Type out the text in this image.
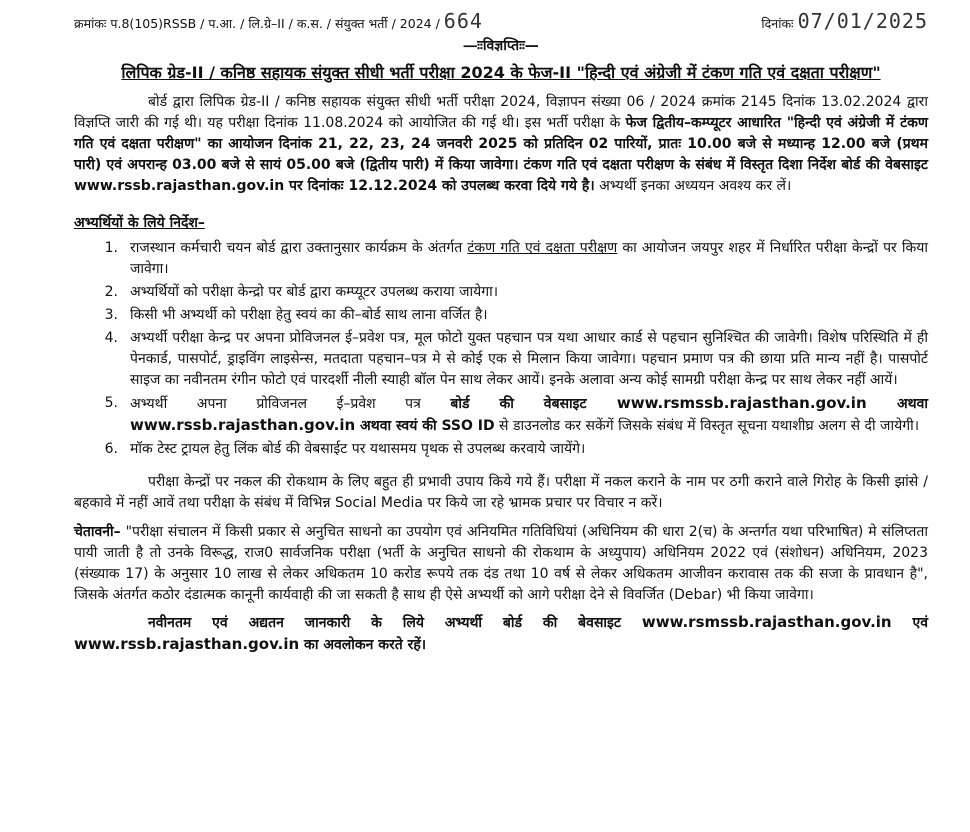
क्रमांकः प.8(105)RSSB / प.आ. / लि.ग्रे–II / क.स. / संयुक्त भर्ती / 2024 / 664	दिनांकः 07/01/2025
—ःःविज्ञप्तिःः—
लिपिक ग्रेड-II / कनिष्ठ सहायक संयुक्त सीधी भर्ती परीक्षा 2024 के फेज-II "हिन्दी एवं अंग्रेजी में टंकण गति एवं दक्षता परीक्षण"

बोर्ड द्वारा लिपिक ग्रेड-II / कनिष्ठ सहायक संयुक्त सीधी भर्ती परीक्षा 2024, विज्ञापन संख्या 06 / 2024 क्रमांक 2145 दिनांक 13.02.2024 द्वारा विज्ञप्ति जारी की गई थी। यह परीक्षा दिनांक 11.08.2024 को आयोजित की गई थी। इस भर्ती परीक्षा के फेज द्वितीय–कम्प्यूटर आधारित "हिन्दी एवं अंग्रेजी में टंकण गति एवं दक्षता परीक्षण" का आयोजन दिनांक 21, 22, 23, 24 जनवरी 2025 को प्रतिदिन 02 पारियों, प्रातः 10.00 बजे से मध्यान्ह 12.00 बजे (प्रथम पारी) एवं अपरान्ह 03.00 बजे से सायं 05.00 बजे (द्वितीय पारी) में किया जावेगा। टंकण गति एवं दक्षता परीक्षण के संबंध में विस्तृत दिशा निर्देश बोर्ड की वेबसाइट www.rssb.rajasthan.gov.in पर दिनांकः 12.12.2024 को उपलब्ध करवा दिये गये है। अभ्यर्थी इनका अध्ययन अवश्य कर लें।

अभ्यर्थियों के लिये निर्देश–
1. राजस्थान कर्मचारी चयन बोर्ड द्वारा उक्तानुसार कार्यक्रम के अंतर्गत टंकण गति एवं दक्षता परीक्षण का आयोजन जयपुर शहर में निर्धारित परीक्षा केन्द्रों पर किया जावेगा।
2. अभ्यर्थियों को परीक्षा केन्द्रो पर बोर्ड द्वारा कम्प्यूटर उपलब्ध कराया जायेगा।
3. किसी भी अभ्यर्थी को परीक्षा हेतु स्वयं का की–बोर्ड साथ लाना वर्जित है।
4. अभ्यर्थी परीक्षा केन्द्र पर अपना प्रोविजनल ई–प्रवेश पत्र, मूल फोटो युक्त पहचान पत्र यथा आधार कार्ड से पहचान सुनिश्चित की जावेगी। विशेष परिस्थिति में ही पेनकार्ड, पासपोर्ट, ड्राइविंग लाइसेन्स, मतदाता पहचान–पत्र मे से कोई एक से मिलान किया जावेगा। पहचान प्रमाण पत्र की छाया प्रति मान्य नहीं है। पासपोर्ट साइज का नवीनतम रंगीन फोटो एवं पारदर्शी नीली स्याही बॉल पेन साथ लेकर आयें। इनके अलावा अन्य कोई सामग्री परीक्षा केन्द्र पर साथ लेकर नहीं आयें।
5. अभ्यर्थी अपना प्रोविजनल ई–प्रवेश पत्र बोर्ड की वेबसाइट www.rsmssb.rajasthan.gov.in अथवा www.rssb.rajasthan.gov.in अथवा स्वयं की SSO ID से डाउनलोड कर सकेंगें जिसके संबंध में विस्तृत सूचना यथाशीघ्र अलग से दी जायेगी।
6. मॉक टेस्ट ट्रायल हेतु लिंक बोर्ड की वेबसाईट पर यथासमय पृथक से उपलब्ध करवाये जायेंगे।

परीक्षा केन्द्रों पर नकल की रोकथाम के लिए बहुत ही प्रभावी उपाय किये गये हैं। परीक्षा में नकल कराने के नाम पर ठगी कराने वाले गिरोह के किसी झांसे / बहकावे में नहीं आवें तथा परीक्षा के संबंध में विभिन्न Social Media पर किये जा रहे भ्रामक प्रचार पर विचार न करें।

चेतावनी– "परीक्षा संचालन में किसी प्रकार से अनुचित साधनो का उपयोग एवं अनियमित गतिविधियां (अधिनियम की धारा 2(च) के अन्तर्गत यथा परिभाषित) मे संलिप्तता पायी जाती है तो उनके विरूद्ध, राज0 सार्वजनिक परीक्षा (भर्ती के अनुचित साधनो की रोकथाम के अध्युपाय) अधिनियम 2022 एवं (संशोधन) अधिनियम, 2023 (संख्याक 17) के अनुसार 10 लाख से लेकर अधिकतम 10 करोड रूपये तक दंड तथा 10 वर्ष से लेकर अधिकतम आजीवन करावास तक की सजा के प्रावधान है", जिसके अंतर्गत कठोर दंडात्मक कानूनी कार्यवाही की जा सकती है साथ ही ऐसे अभ्यर्थी को आगे परीक्षा देने से विवर्जित (Debar) भी किया जावेगा।

नवीनतम एवं अद्यतन जानकारी के लिये अभ्यर्थी बोर्ड की बेवसाइट www.rsmssb.rajasthan.gov.in एवं www.rssb.rajasthan.gov.in का अवलोकन करते रहें।
